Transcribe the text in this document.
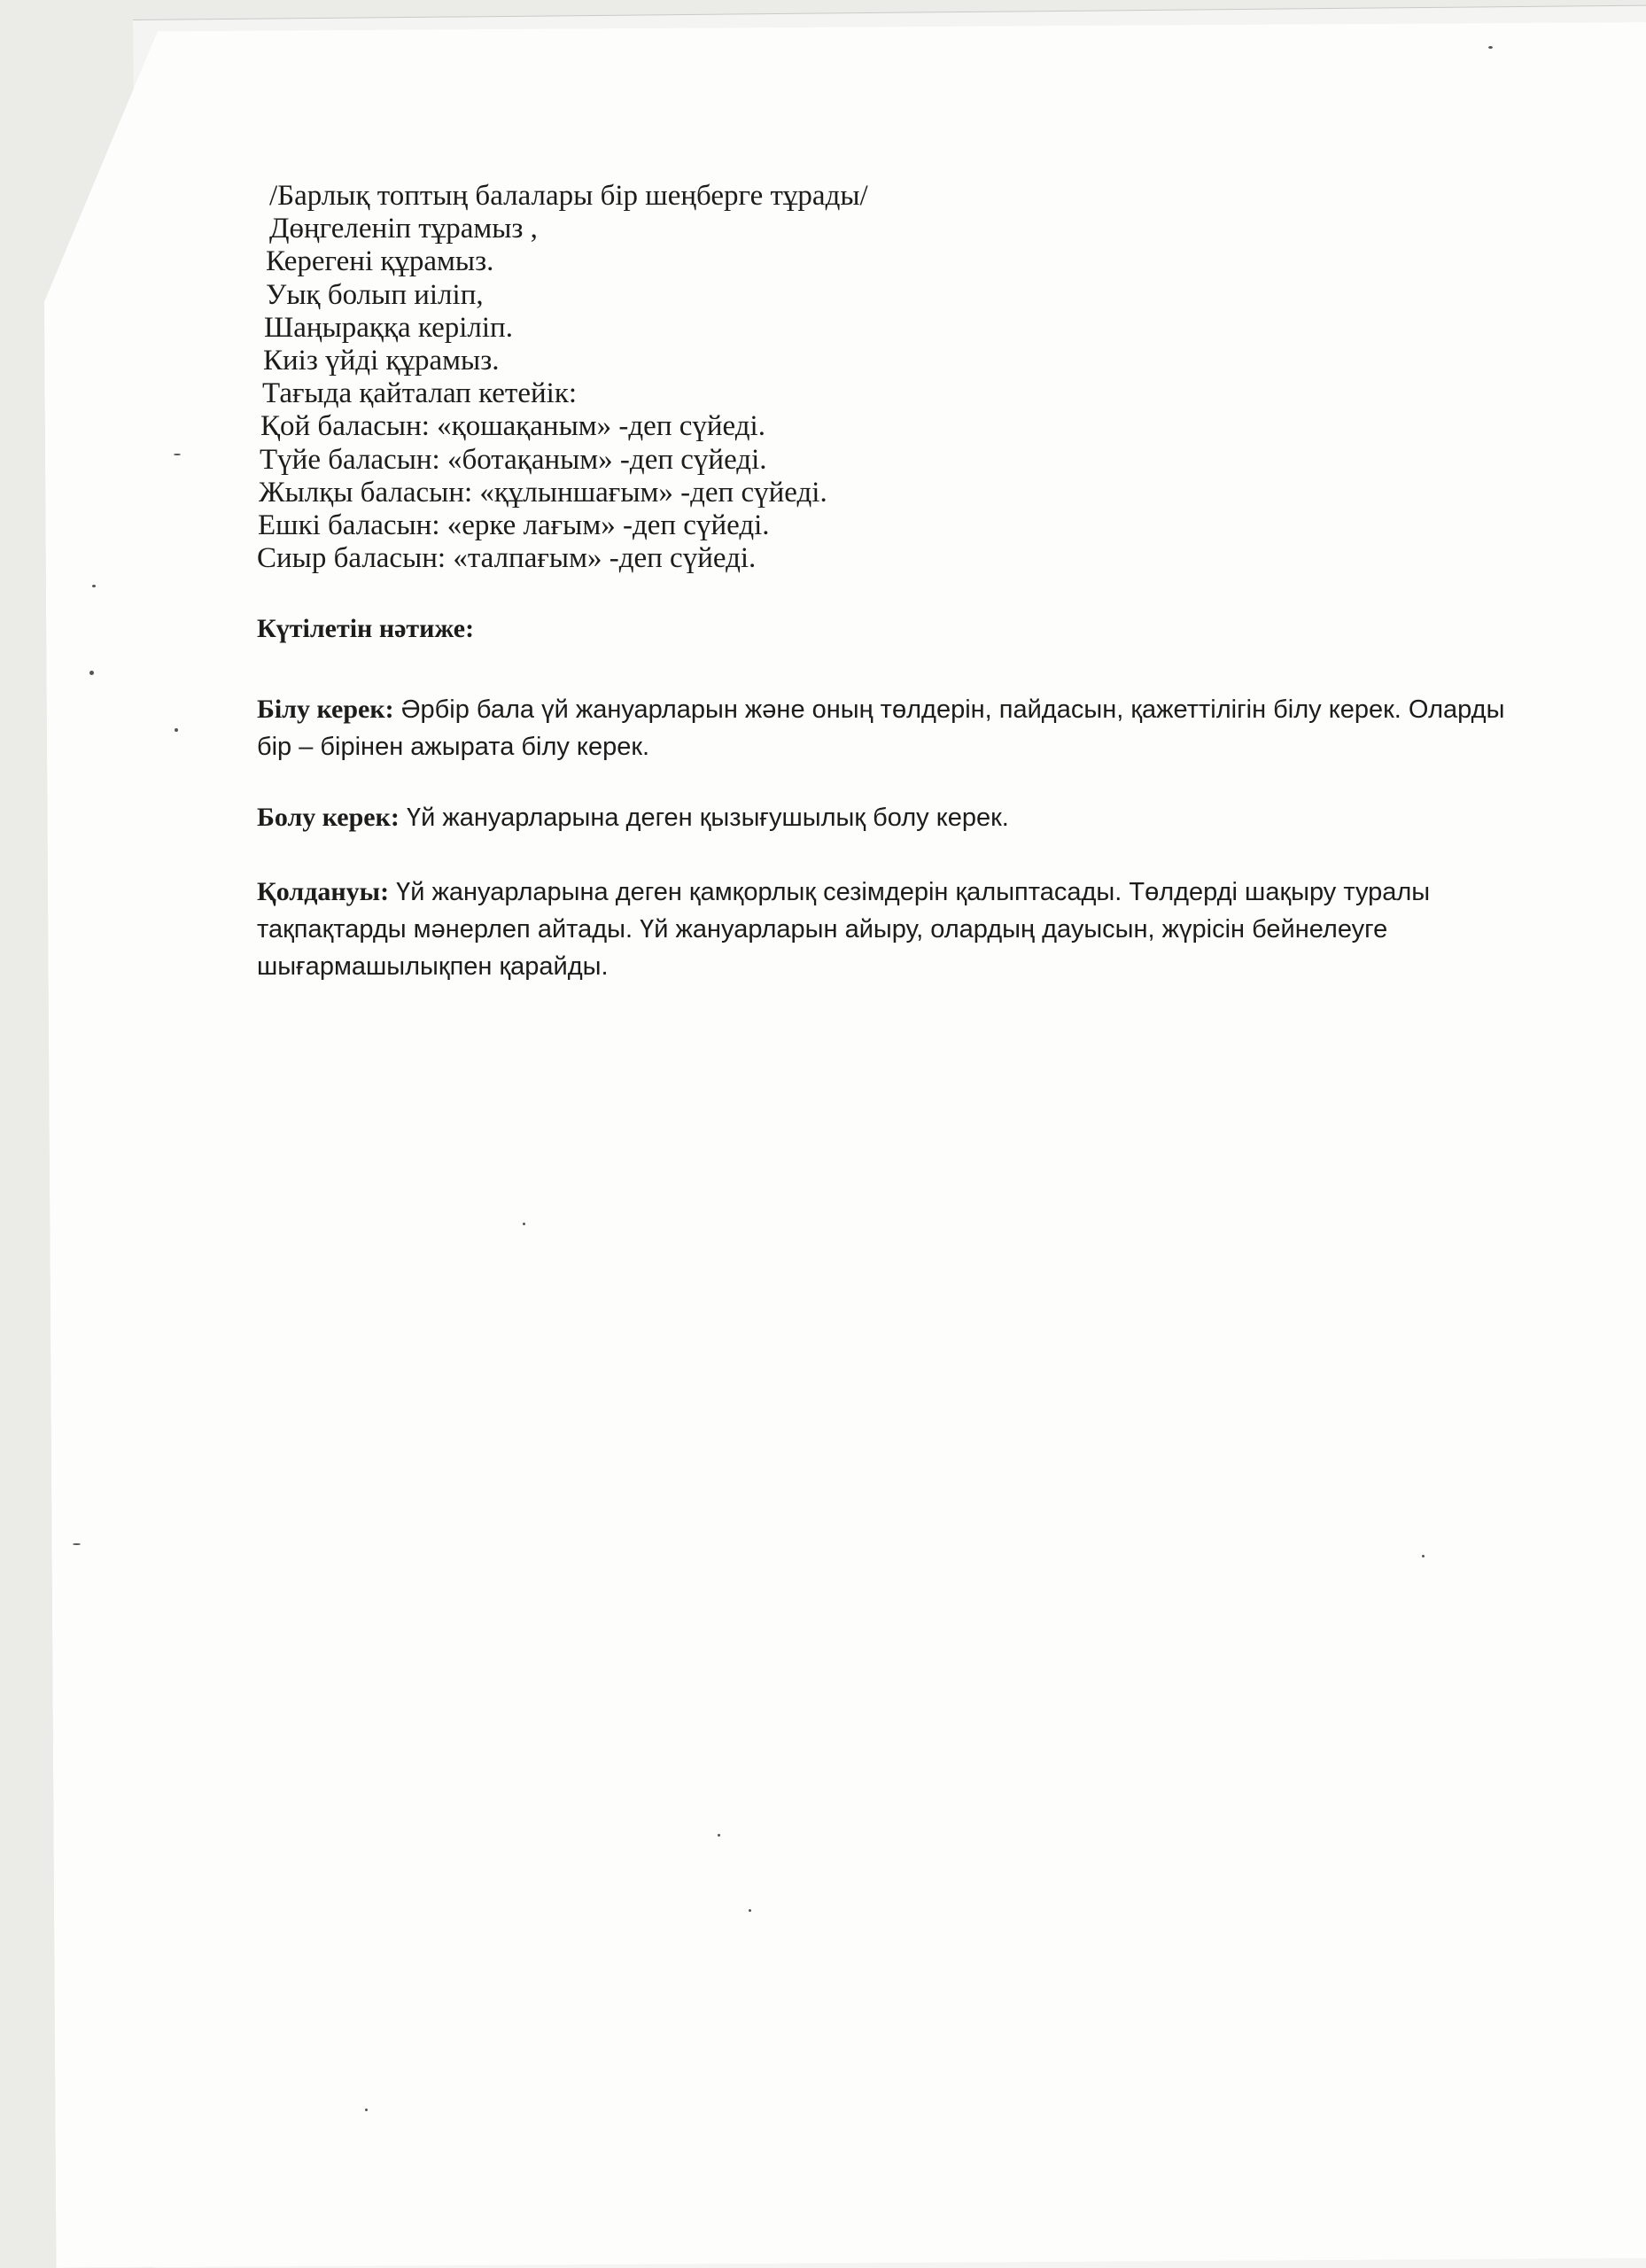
/Барлық топтың балалары бір шеңберге тұрады/
Дөңгеленіп тұрамыз ,
Керегені құрамыз.
Уық болып иіліп,
Шаңыраққа керіліп.
Киіз үйді құрамыз.
Тағыда қайталап кетейік:
Қой баласын: «қошақаным» -деп сүйеді.
Түйе баласын: «ботақаным» -деп сүйеді.
Жылқы баласын: «құлыншағым» -деп сүйеді.
Ешкі баласын: «ерке лағым» -деп сүйеді.
Сиыр баласын: «талпағым» -деп сүйеді.

Күтілетін нәтиже:

Білу керек: Әрбір бала үй жануарларын және оның төлдерін, пайдасын, қажеттілігін білу керек. Оларды бір – бірінен ажырата білу керек.

Болу керек: Үй жануарларына деген қызығушылық болу керек.

Қолдануы: Үй жануарларына деген қамқорлық сезімдерін қалыптасады. Төлдерді шақыру туралы тақпақтарды мәнерлеп айтады. Үй жануарларын айыру, олардың дауысын, жүрісін бейнелеуге шығармашылықпен қарайды.
